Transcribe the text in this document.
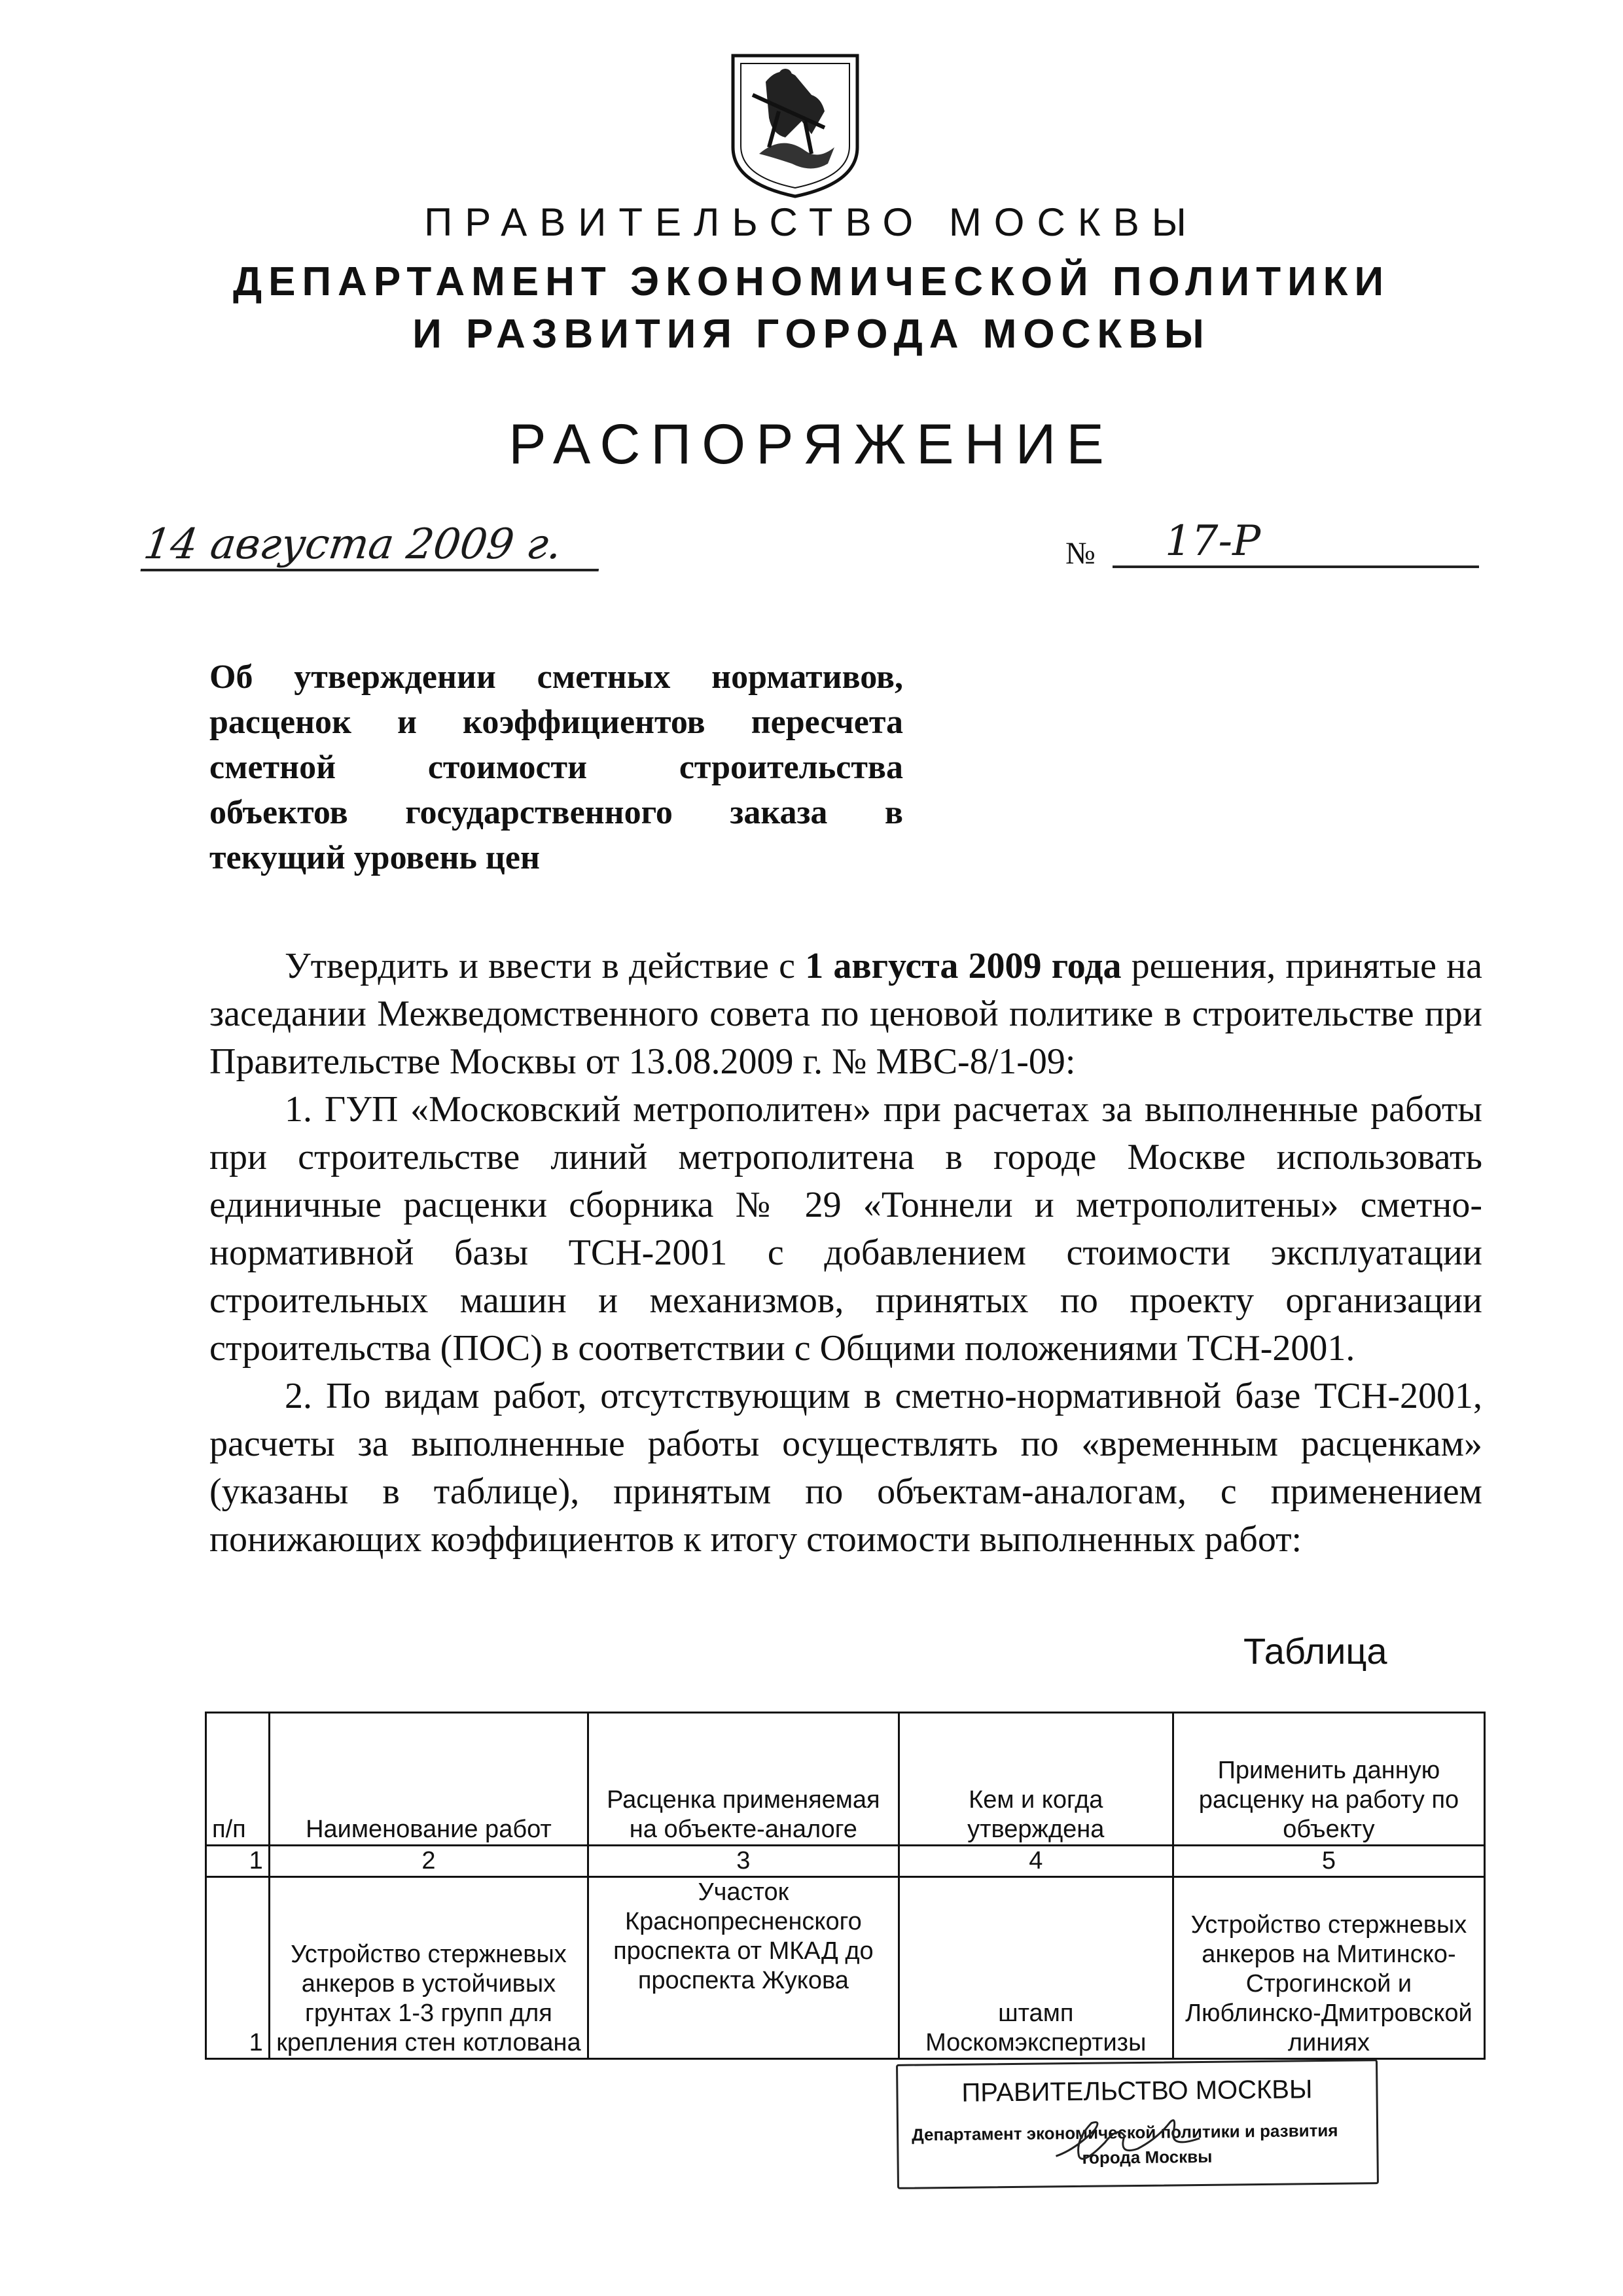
ПРАВИТЕЛЬСТВО МОСКВЫ
ДЕПАРТАМЕНТ ЭКОНОМИЧЕСКОЙ ПОЛИТИКИ
И РАЗВИТИЯ ГОРОДА МОСКВЫ
РАСПОРЯЖЕНИЕ
14 августа 2009 г.	№	17-Р
Об утверждении сметных нормативов,
расценок и коэффициентов пересчета
сметной стоимости строительства
объектов государственного заказа в
текущий уровень цен

Утвердить и ввести в действие с 1 августа 2009 года решения, принятые на заседании Межведомственного совета по ценовой политике в строительстве при Правительстве Москвы от 13.08.2009 г. № МВС-8/1-09:

1. ГУП «Московский метрополитен» при расчетах за выполненные работы при строительстве линий метрополитена в городе Москве использовать единичные расценки сборника № 29 «Тоннели и метрополитены» сметно-нормативной базы ТСН-2001 с добавлением стоимости эксплуатации строительных машин и механизмов, принятых по проекту организации строительства (ПОС) в соответствии с Общими положениями ТСН-2001.

2. По видам работ, отсутствующим в сметно-нормативной базе ТСН-2001, расчеты за выполненные работы осуществлять по «временным расценкам» (указаны в таблице), принятым по объектам-аналогам, с применением понижающих коэффициентов к итогу стоимости выполненных работ:

Таблица
п/п	Наименование работ	Расценка применяемая на объекте-аналоге	Кем и когда утверждена	Применить данную расценку на работу по объекту
1	2	3	4	5
1	Устройство стержневых анкеров в устойчивых грунтах 1-3 групп для крепления стен котлована	Участок Краснопресненского проспекта от МКАД до проспекта Жукова	штамп Москомэкспертизы	Устройство стержневых анкеров на Митинско-Строгинской и Люблинско-Дмитровской линиях
ПРАВИТЕЛЬСТВО МОСКВЫ
Департамент экономической политики и развития
города Москвы
